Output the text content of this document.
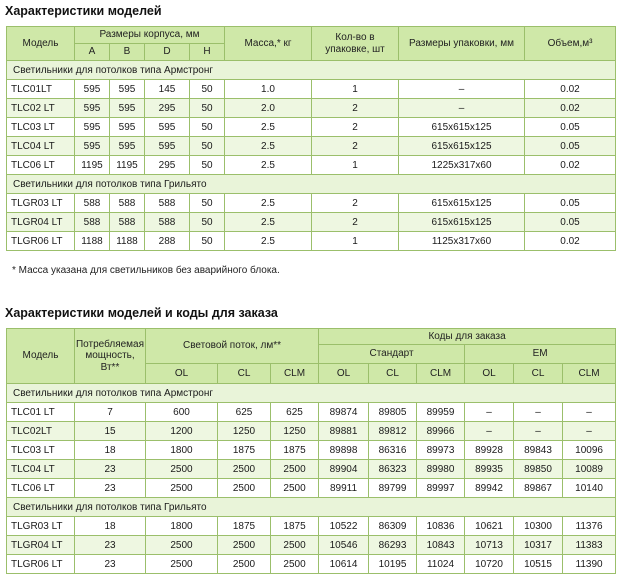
Характеристики моделей
Модель	Размеры корпуса, мм				Масса,* кг	Кол-во в упаковке, шт	Размеры упаковки, мм	Объем,м³
	A	B	D	H				
Светильники для потолков типа Армстронг								
TLC01LT	595	595	145	50	1.0	1	–	0.02
TLC02 LT	595	595	295	50	2.0	2	–	0.02
TLC03 LT	595	595	595	50	2.5	2	615x615x125	0.05
TLC04 LT	595	595	595	50	2.5	2	615x615x125	0.05
TLC06 LT	1195	1195	295	50	2.5	1	1225x317x60	0.02
Светильники для потолков типа Грильято								
TLGR03 LT	588	588	588	50	2.5	2	615x615x125	0.05
TLGR04 LT	588	588	588	50	2.5	2	615x615x125	0.05
TLGR06 LT	1188	1188	288	50	2.5	1	1125x317x60	0.02
* Масса указана для светильников без аварийного блока.
Характеристики моделей и коды для заказа
Модель	Потребляемая мощность, Вт**	Световой поток, лм**			Коды для заказа					
					Стандарт			EM		
		OL	CL	CLM	OL	CL	CLM	OL	CL	CLM
Светильники для потолков типа Армстронг										
TLC01 LT	7	600	625	625	89874	89805	89959	–	–	–
TLC02LT	15	1200	1250	1250	89881	89812	89966	–	–	–
TLC03 LT	18	1800	1875	1875	89898	86316	89973	89928	89843	10096
TLC04 LT	23	2500	2500	2500	89904	86323	89980	89935	89850	10089
TLC06 LT	23	2500	2500	2500	89911	89799	89997	89942	89867	10140
Светильники для потолков типа Грильято										
TLGR03 LT	18	1800	1875	1875	10522	86309	10836	10621	10300	11376
TLGR04 LT	23	2500	2500	2500	10546	86293	10843	10713	10317	11383
TLGR06 LT	23	2500	2500	2500	10614	10195	11024	10720	10515	11390
